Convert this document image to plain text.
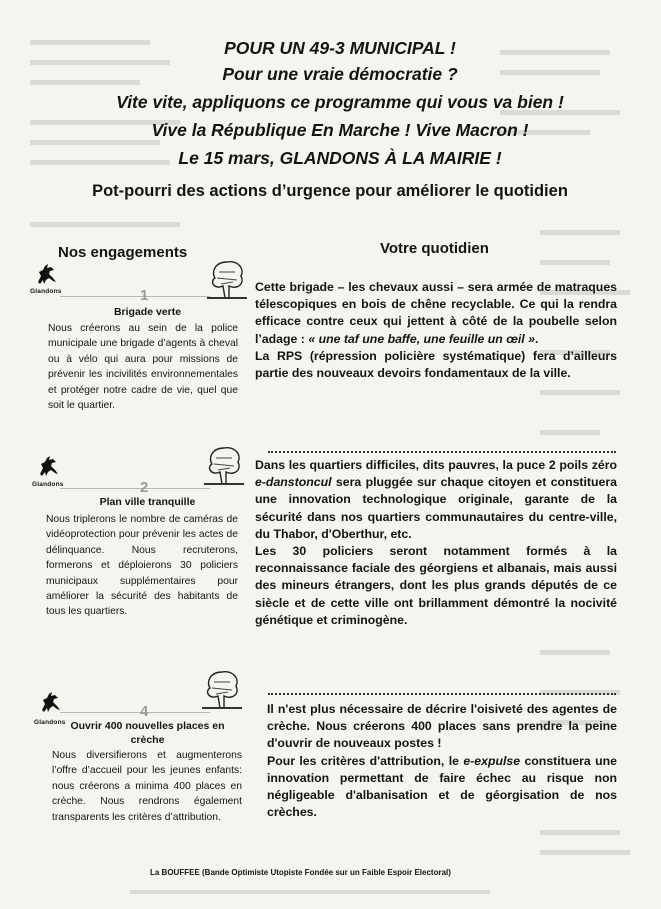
POUR UN 49-3 MUNICIPAL !
Pour une vraie démocratie ?
Vite vite, appliquons ce programme qui vous va bien !
Vive la République En Marche ! Vive Macron !
Le 15 mars, GLANDONS À LA MAIRIE !
Pot-pourri des actions d’urgence pour améliorer le quotidien
Nos engagements	Votre quotidien
Glandons	1
Brigade verte
Nous créerons au sein de la police municipale une brigade d’agents à cheval ou à vélo qui aura pour missions de prévenir les incivilités environnementales et protéger notre cadre de vie, quel que soit le quartier.
Cette brigade – les chevaux aussi – sera armée de matraques télescopiques en bois de chêne recyclable. Ce qui la rendra efficace contre ceux qui jettent à côté de la poubelle selon l’adage : « une taf une baffe, une feuille un œil ».
La RPS (répression policière systématique) fera d’ailleurs partie des nouveaux devoirs fondamentaux de la ville.
Glandons	2
Plan ville tranquille
Nous triplerons le nombre de caméras de vidéoprotection pour prévenir les actes de délinquance. Nous recruterons, formerons et déploierons 30 policiers municipaux supplémentaires pour améliorer la sécurité des habitants de tous les quartiers.
Dans les quartiers difficiles, dits pauvres, la puce 2 poils zéro e-danstoncul sera pluggée sur chaque citoyen et constituera une innovation technologique originale, garante de la sécurité dans nos quartiers communautaires du centre-ville, du Thabor, d'Oberthur, etc.
Les 30 policiers seront notamment formés à la reconnaissance faciale des géorgiens et albanais, mais aussi des mineurs étrangers, dont les plus grands députés de ce siècle et de cette ville ont brillamment démontré la nocivité génétique et criminogène.
Glandons
4
Ouvrir 400 nouvelles places en crèche
Nous diversifierons et augmenterons l’offre d’accueil pour les jeunes enfants: nous créerons a minima 400 places en crèche. Nous rendrons également transparents les critères d’attribution.
Il n'est plus nécessaire de décrire l'oisiveté des agentes de crèche. Nous créerons 400 places sans prendre la peine d'ouvrir de nouveaux postes !
Pour les critères d'attribution, le e-expulse constituera une innovation permettant de faire échec au risque non négligeable d'albanisation et de géorgisation de nos crèches.
La BOUFFEE (Bande Optimiste Utopiste Fondée sur un Faible Espoir Electoral)
